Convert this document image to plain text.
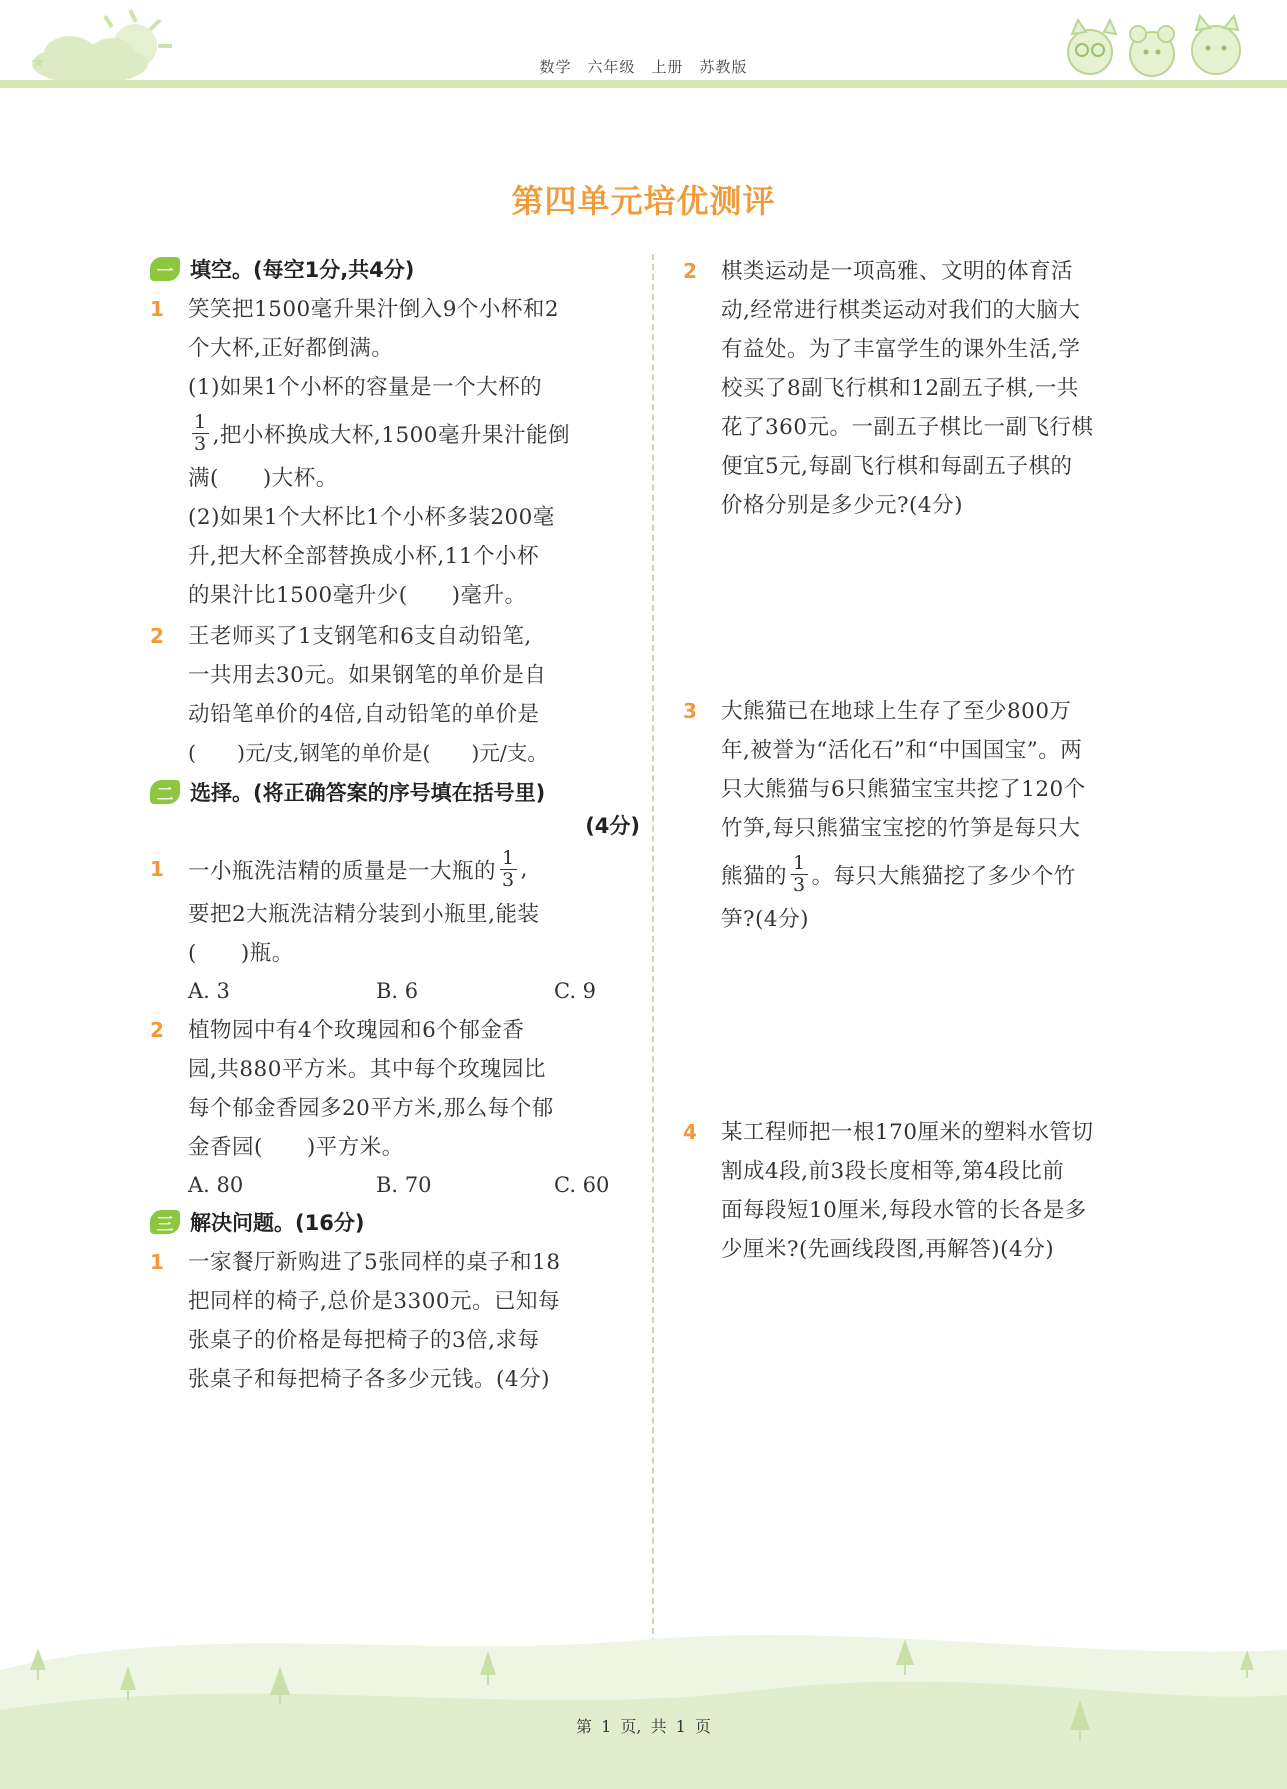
★	数学　六年级　上册　苏教版
第四单元培优测评
一 填空。(每空1分,共4分)
1 笑笑把1500毫升果汁倒入9个小杯和2
个大杯,正好都倒满。
(1)如果1个小杯的容量是一个大杯的
$\frac{1}{3}$ ,把小杯换成大杯,1500毫升果汁能倒
满(　　)大杯。
(2)如果1个大杯比1个小杯多装200毫
升,把大杯全部替换成小杯,11个小杯
的果汁比1500毫升少(　　)毫升。
2 王老师买了1支钢笔和6支自动铅笔,
一共用去30元。如果钢笔的单价是自
动铅笔单价的4倍,自动铅笔的单价是
(　　)元/支,钢笔的单价是(　　)元/支。
二 选择。(将正确答案的序号填在括号里)
(4分)
1 一小瓶洗洁精的质量是一大瓶的 $\frac{1}{3}$ ,
要把2大瓶洗洁精分装到小瓶里,能装
(　　)瓶。
A. 3	B. 6	C. 9
2 植物园中有4个玫瑰园和6个郁金香
园,共880平方米。其中每个玫瑰园比
每个郁金香园多20平方米,那么每个郁
金香园(　　)平方米。
A. 80	B. 70	C. 60
三 解决问题。(16分)
1 一家餐厅新购进了5张同样的桌子和18
把同样的椅子,总价是3300元。已知每
张桌子的价格是每把椅子的3倍,求每
张桌子和每把椅子各多少元钱。(4分)
2 棋类运动是一项高雅、文明的体育活
动,经常进行棋类运动对我们的大脑大
有益处。为了丰富学生的课外生活,学
校买了8副飞行棋和12副五子棋,一共
花了360元。一副五子棋比一副飞行棋
便宜5元,每副飞行棋和每副五子棋的
价格分别是多少元?(4分)
3 大熊猫已在地球上生存了至少800万
年,被誉为“活化石”和“中国国宝”。两
只大熊猫与6只熊猫宝宝共挖了120个
竹笋,每只熊猫宝宝挖的竹笋是每只大
熊猫的 $\frac{1}{3}$ 。每只大熊猫挖了多少个竹
笋?(4分)
4 某工程师把一根170厘米的塑料水管切
割成4段,前3段长度相等,第4段比前
面每段短10厘米,每段水管的长各是多
少厘米?(先画线段图,再解答)(4分)
第 1 页, 共 1 页
